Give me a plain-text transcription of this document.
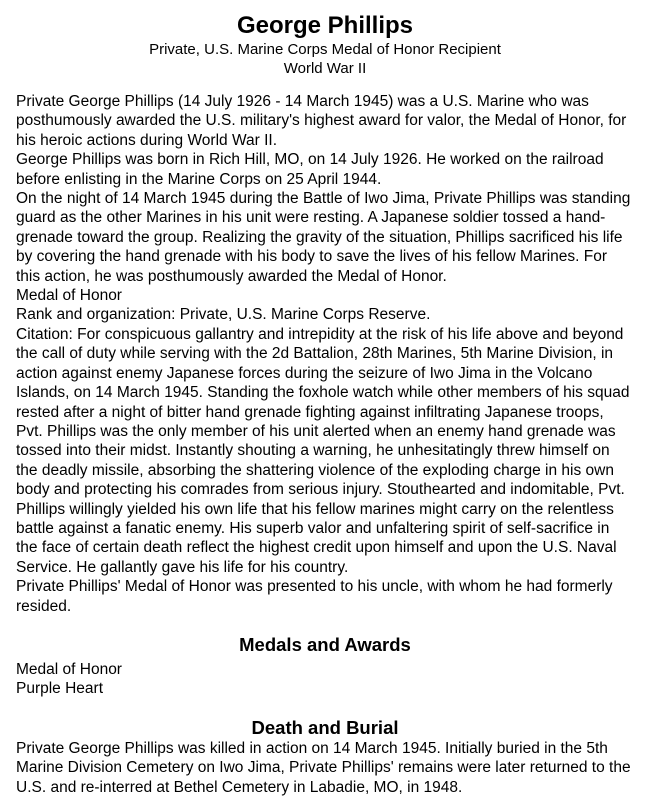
George Phillips
Private, U.S. Marine Corps Medal of Honor Recipient
World War II

Private George Phillips (14 July 1926 - 14 March 1945) was a U.S. Marine who was posthumously awarded the U.S. military's highest award for valor, the Medal of Honor, for his heroic actions during World War II.

George Phillips was born in Rich Hill, MO, on 14 July 1926. He worked on the railroad before enlisting in the Marine Corps on 25 April 1944.

On the night of 14 March 1945 during the Battle of Iwo Jima, Private Phillips was standing guard as the other Marines in his unit were resting. A Japanese soldier tossed a hand-grenade toward the group. Realizing the gravity of the situation, Phillips sacrificed his life by covering the hand grenade with his body to save the lives of his fellow Marines. For this action, he was posthumously awarded the Medal of Honor.

Medal of Honor

Rank and organization: Private, U.S. Marine Corps Reserve.

Citation: For conspicuous gallantry and intrepidity at the risk of his life above and beyond the call of duty while serving with the 2d Battalion, 28th Marines, 5th Marine Division, in action against enemy Japanese forces during the seizure of Iwo Jima in the Volcano Islands, on 14 March 1945. Standing the foxhole watch while other members of his squad rested after a night of bitter hand grenade fighting against infiltrating Japanese troops, Pvt. Phillips was the only member of his unit alerted when an enemy hand grenade was tossed into their midst. Instantly shouting a warning, he unhesitatingly threw himself on the deadly missile, absorbing the shattering violence of the exploding charge in his own body and protecting his comrades from serious injury. Stouthearted and indomitable, Pvt. Phillips willingly yielded his own life that his fellow marines might carry on the relentless battle against a fanatic enemy. His superb valor and unfaltering spirit of self-sacrifice in the face of certain death reflect the highest credit upon himself and upon the U.S. Naval Service. He gallantly gave his life for his country.

Private Phillips' Medal of Honor was presented to his uncle, with whom he had formerly resided.

Medals and Awards
Medal of Honor
Purple Heart
Death and Burial

Private George Phillips was killed in action on 14 March 1945. Initially buried in the 5th Marine Division Cemetery on Iwo Jima, Private Phillips' remains were later returned to the U.S. and re-interred at Bethel Cemetery in Labadie, MO, in 1948.
